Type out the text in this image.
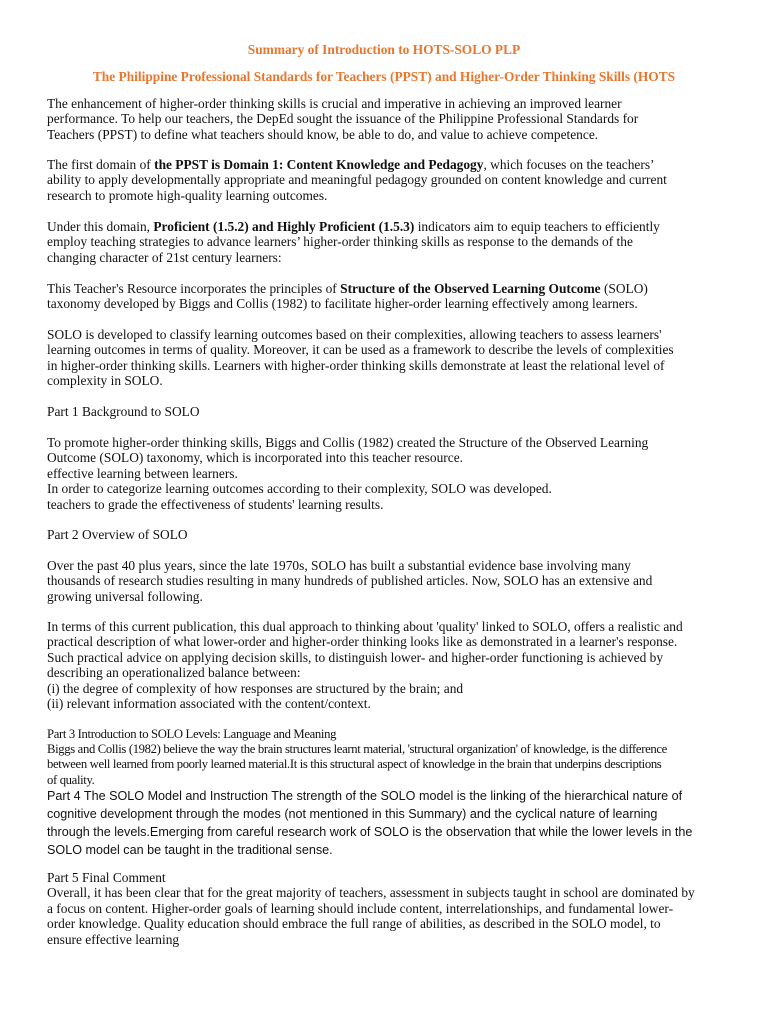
Summary of Introduction to HOTS-SOLO PLP
The Philippine Professional Standards for Teachers (PPST) and Higher-Order Thinking Skills (HOTS

The enhancement of higher-order thinking skills is crucial and imperative in achieving an improved learner
performance. To help our teachers, the DepEd sought the issuance of the Philippine Professional Standards for
Teachers (PPST) to define what teachers should know, be able to do, and value to achieve competence.

The first domain of the PPST is Domain 1: Content Knowledge and Pedagogy, which focuses on the teachers’
ability to apply developmentally appropriate and meaningful pedagogy grounded on content knowledge and current
research to promote high-quality learning outcomes.

Under this domain, Proficient (1.5.2) and Highly Proficient (1.5.3) indicators aim to equip teachers to efficiently
employ teaching strategies to advance learners’ higher-order thinking skills as response to the demands of the
changing character of 21st century learners:

This Teacher's Resource incorporates the principles of Structure of the Observed Learning Outcome (SOLO)
taxonomy developed by Biggs and Collis (1982) to facilitate higher-order learning effectively among learners.

SOLO is developed to classify learning outcomes based on their complexities, allowing teachers to assess learners'
learning outcomes in terms of quality. Moreover, it can be used as a framework to describe the levels of complexities
in higher-order thinking skills. Learners with higher-order thinking skills demonstrate at least the relational level of
complexity in SOLO.

Part 1 Background to SOLO

To promote higher-order thinking skills, Biggs and Collis (1982) created the Structure of the Observed Learning
Outcome (SOLO) taxonomy, which is incorporated into this teacher resource.
effective learning between learners.
In order to categorize learning outcomes according to their complexity, SOLO was developed.
teachers to grade the effectiveness of students' learning results.

Part 2 Overview of SOLO

Over the past 40 plus years, since the late 1970s, SOLO has built a substantial evidence base involving many
thousands of research studies resulting in many hundreds of published articles. Now, SOLO has an extensive and
growing universal following.

In terms of this current publication, this dual approach to thinking about 'quality' linked to SOLO, offers a realistic and
practical description of what lower-order and higher-order thinking looks like as demonstrated in a learner's response.
Such practical advice on applying decision skills, to distinguish lower- and higher-order functioning is achieved by
describing an operationalized balance between:
(i) the degree of complexity of how responses are structured by the brain; and
(ii) relevant information associated with the content/context.

Part 3 Introduction to SOLO Levels: Language and Meaning
Biggs and Collis (1982) believe the way the brain structures learnt material, 'structural organization' of knowledge, is the difference
between well learned from poorly learned material.It is this structural aspect of knowledge in the brain that underpins descriptions
of quality.

Part 4 The SOLO Model and Instruction The strength of the SOLO model is the linking of the hierarchical nature of
cognitive development through the modes (not mentioned in this Summary) and the cyclical nature of learning
through the levels.Emerging from careful research work of SOLO is the observation that while the lower levels in the
SOLO model can be taught in the traditional sense.

Part 5 Final Comment
Overall, it has been clear that for the great majority of teachers, assessment in subjects taught in school are dominated by
a focus on content. Higher-order goals of learning should include content, interrelationships, and fundamental lower-
order knowledge. Quality education should embrace the full range of abilities, as described in the SOLO model, to
ensure effective learning
